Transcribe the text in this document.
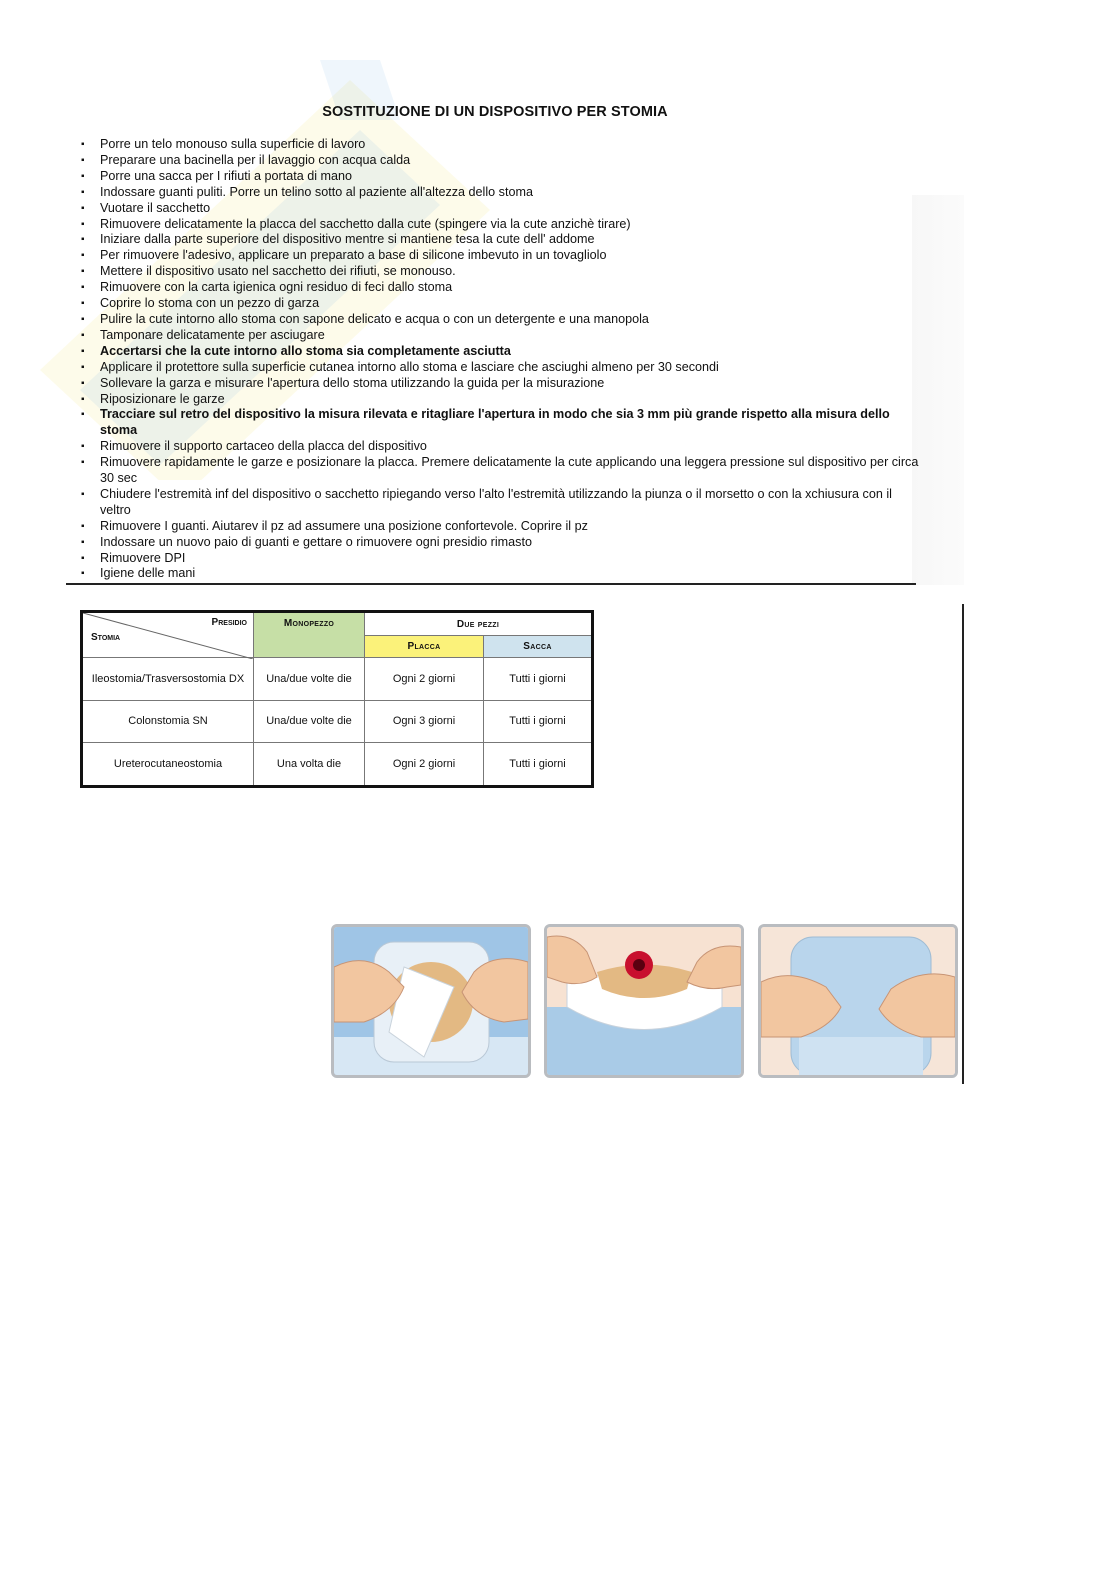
SOSTITUZIONE DI UN DISPOSITIVO PER STOMIA
▪ Porre un telo monouso sulla superficie di lavoro
▪ Preparare una bacinella per il lavaggio con acqua calda
▪ Porre una sacca per I rifiuti a portata di mano
▪ Indossare guanti puliti. Porre un telino sotto al paziente all'altezza dello stoma
▪ Vuotare il sacchetto
▪ Rimuovere delicatamente la placca del sacchetto dalla cute (spingere via la cute anzichè tirare)
▪ Iniziare dalla parte superiore del dispositivo mentre si mantiene tesa la cute dell' addome
▪ Per rimuovere l'adesivo, applicare un preparato a base di silicone imbevuto in un tovagliolo
▪ Mettere il dispositivo usato nel sacchetto dei rifiuti, se monouso.
▪ Rimuovere con la carta igienica ogni residuo di feci dallo stoma
▪ Coprire lo stoma con un pezzo di garza
▪ Pulire la cute intorno allo stoma con sapone delicato e acqua o con un detergente e una manopola
▪ Tamponare delicatamente per asciugare
▪ Accertarsi che la cute intorno allo stoma sia completamente asciutta
▪ Applicare il protettore sulla superficie cutanea intorno allo stoma e lasciare che asciughi almeno per 30 secondi
▪ Sollevare la garza e misurare l'apertura dello stoma utilizzando la guida per la misurazione
▪ Riposizionare le garze
▪ Tracciare sul retro del dispositivo la misura rilevata e ritagliare l'apertura in modo che sia 3 mm più grande rispetto alla misura dello stoma
▪ Rimuovere il supporto cartaceo della placca del dispositivo
▪ Rimuovere rapidamente le garze e posizionare la placca. Premere delicatamente la cute applicando una leggera pressione sul dispositivo per circa 30 sec
▪ Chiudere l'estremità inf del dispositivo o sacchetto ripiegando verso l'alto l'estremità utilizzando la piunza o il morsetto o con la xchiusura con il veltro
▪ Rimuovere I guanti. Aiutarev il pz ad assumere una posizione confortevole. Coprire il pz
▪ Indossare un nuovo paio di guanti e gettare o rimuovere ogni presidio rimasto
▪ Rimuovere DPI
▪ Igiene delle mani
Presidio
Stomia	Monopezzo	Due pezzi	
		Placca	Sacca
Ileostomia/Trasversostomia DX	Una/due volte die	Ogni 2 giorni	Tutti i giorni
Colonstomia SN	Una/due volte die	Ogni 3 giorni	Tutti i giorni
Ureterocutaneostomia	Una volta die	Ogni 2 giorni	Tutti i giorni
